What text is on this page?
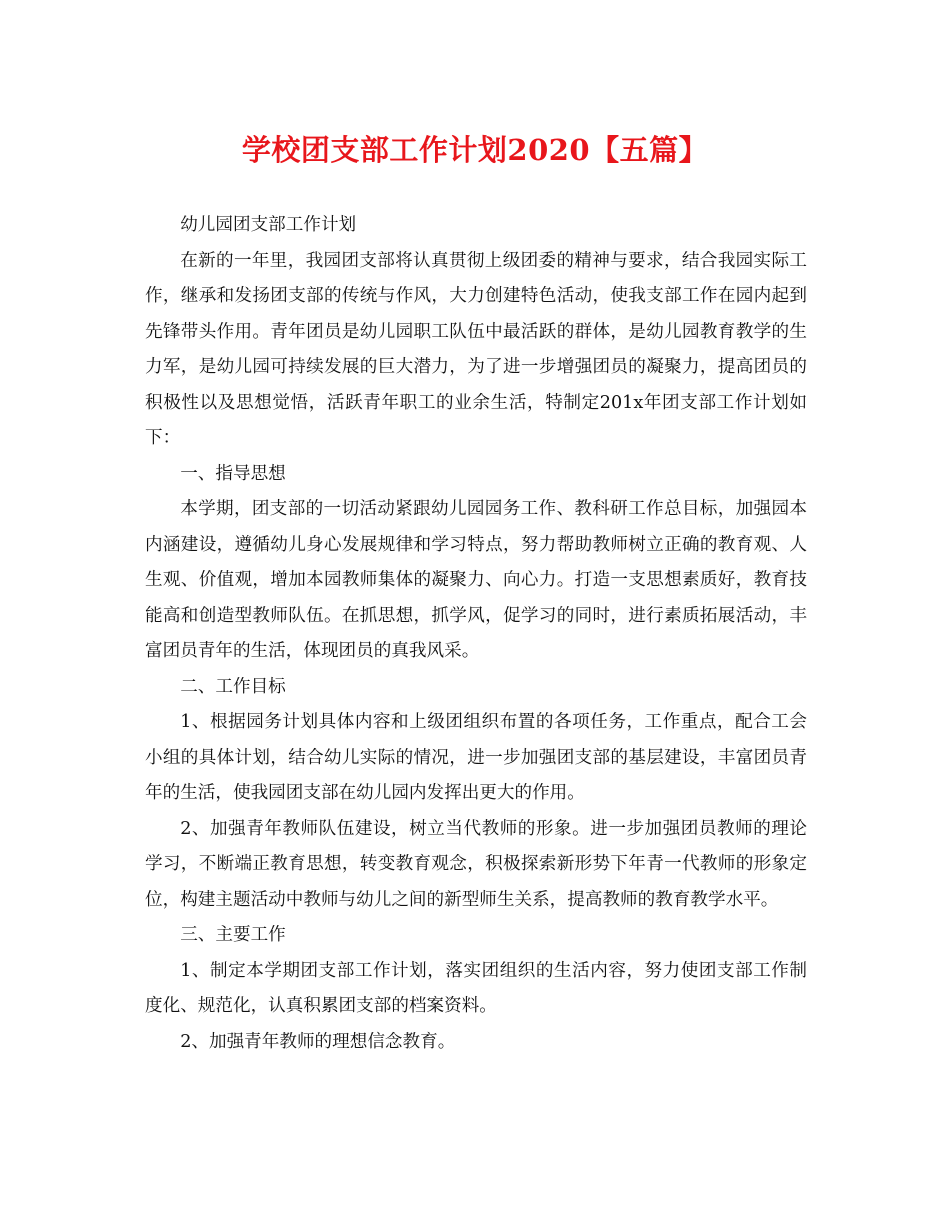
学校团支部工作计划2020【五篇】

幼儿园团支部工作计划

在新的一年里，我园团支部将认真贯彻上级团委的精神与要求，结合我园实际工作，继承和发扬团支部的传统与作风，大力创建特色活动，使我支部工作在园内起到先锋带头作用。青年团员是幼儿园职工队伍中最活跃的群体，是幼儿园教育教学的生力军，是幼儿园可持续发展的巨大潜力，为了进一步增强团员的凝聚力，提高团员的积极性以及思想觉悟，活跃青年职工的业余生活，特制定201x年团支部工作计划如下：

一、指导思想

本学期，团支部的一切活动紧跟幼儿园园务工作、教科研工作总目标，加强园本内涵建设，遵循幼儿身心发展规律和学习特点，努力帮助教师树立正确的教育观、人生观、价值观，增加本园教师集体的凝聚力、向心力。打造一支思想素质好，教育技能高和创造型教师队伍。在抓思想，抓学风，促学习的同时，进行素质拓展活动，丰富团员青年的生活，体现团员的真我风采。

二、工作目标

1、根据园务计划具体内容和上级团组织布置的各项任务，工作重点，配合工会小组的具体计划，结合幼儿实际的情况，进一步加强团支部的基层建设，丰富团员青年的生活，使我园团支部在幼儿园内发挥出更大的作用。

2、加强青年教师队伍建设，树立当代教师的形象。进一步加强团员教师的理论学习，不断端正教育思想，转变教育观念，积极探索新形势下年青一代教师的形象定位，构建主题活动中教师与幼儿之间的新型师生关系，提高教师的教育教学水平。

三、主要工作

1、制定本学期团支部工作计划，落实团组织的生活内容，努力使团支部工作制度化、规范化，认真积累团支部的档案资料。

2、加强青年教师的理想信念教育。
